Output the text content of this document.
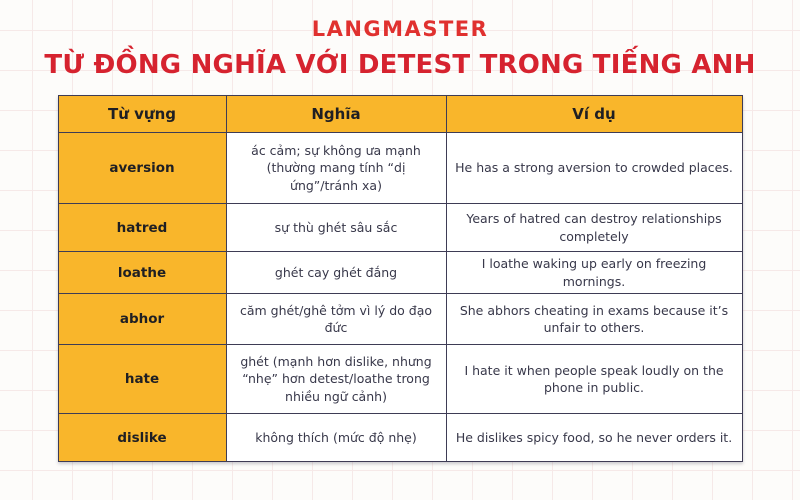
LANGMASTER
TỪ ĐỒNG NGHĨA VỚI DETEST TRONG TIẾNG ANH
Từ vựng	Nghĩa	Ví dụ
aversion	ác cảm; sự không ưa mạnh (thường mang tính “dị ứng”/tránh xa)	He has a strong aversion to crowded places.
hatred	sự thù ghét sâu sắc	Years of hatred can destroy relationships completely
loathe	ghét cay ghét đắng	I loathe waking up early on freezing mornings.
abhor	căm ghét/ghê tởm vì lý do đạo đức	She abhors cheating in exams because it’s unfair to others.
hate	ghét (mạnh hơn dislike, nhưng “nhẹ” hơn detest/loathe trong nhiều ngữ cảnh)	I hate it when people speak loudly on the phone in public.
dislike	không thích (mức độ nhẹ)	He dislikes spicy food, so he never orders it.
